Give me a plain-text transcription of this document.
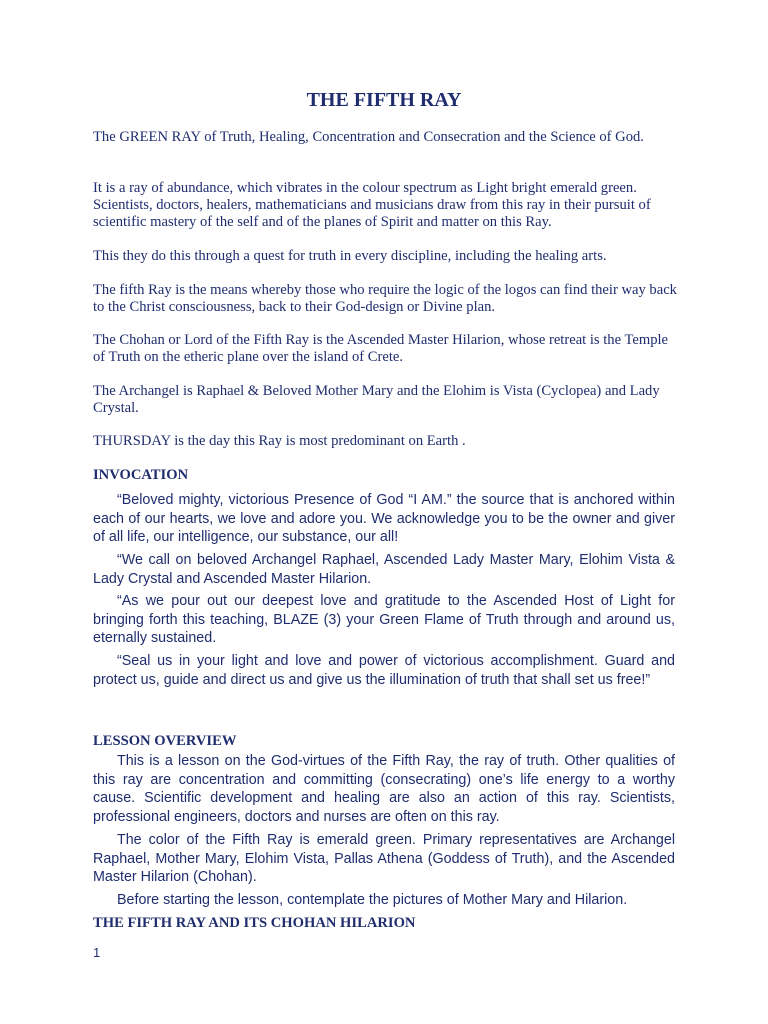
THE FIFTH RAY

The GREEN RAY of Truth, Healing, Concentration and Consecration and the Science of God.

It is a ray of abundance, which vibrates in the colour spectrum as Light bright emerald green. Scientists, doctors, healers, mathematicians and musicians draw from this ray in their pursuit of scientific mastery of the self and of the planes of Spirit and matter on this Ray.

This they do this through a quest for truth in every discipline, including the healing arts.

The fifth Ray is the means whereby those who require the logic of the logos can find their way back to the Christ consciousness, back to their God-design or Divine plan.

The Chohan or Lord of the Fifth Ray is the Ascended Master Hilarion, whose retreat is the Temple of Truth on the etheric plane over the island of Crete.

The Archangel is Raphael & Beloved Mother Mary and the Elohim is Vista (Cyclopea) and Lady Crystal.

THURSDAY is the day this Ray is most predominant on Earth .

INVOCATION

“Beloved mighty, victorious Presence of God “I AM.” the source that is anchored within each of our hearts, we love and adore you. We acknowledge you to be the owner and giver of all life, our intelligence, our substance, our all!

“We call on beloved Archangel Raphael, Ascended Lady Master Mary, Elohim Vista & Lady Crystal and Ascended Master Hilarion.

“As we pour out our deepest love and gratitude to the Ascended Host of Light for bringing forth this teaching, BLAZE (3) your Green Flame of Truth through and around us, eternally sustained.

“Seal us in your light and love and power of victorious accomplishment. Guard and protect us, guide and direct us and give us the illumination of truth that shall set us free!”

LESSON OVERVIEW

This is a lesson on the God-virtues of the Fifth Ray, the ray of truth. Other qualities of this ray are concentration and committing (consecrating) one’s life energy to a worthy cause. Scientific development and healing are also an action of this ray. Scientists, professional engineers, doctors and nurses are often on this ray.

The color of the Fifth Ray is emerald green. Primary representatives are Archangel Raphael, Mother Mary, Elohim Vista, Pallas Athena (Goddess of Truth), and the Ascended Master Hilarion (Chohan).

Before starting the lesson, contemplate the pictures of Mother Mary and Hilarion.

THE FIFTH RAY AND ITS CHOHAN HILARION

1
